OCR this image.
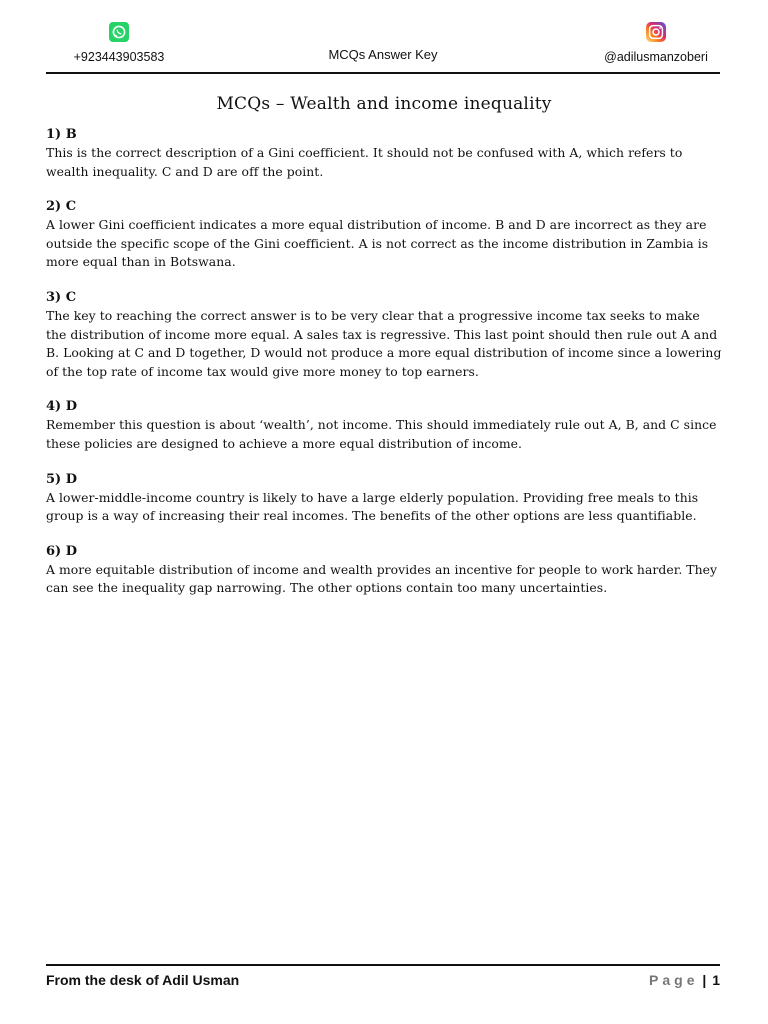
+923443903583	MCQs Answer Key	@adilusmanzoberi
MCQs – Wealth and income inequality
1) B

This is the correct description of a Gini coefficient. It should not be confused with A, which refers to wealth inequality. C and D are off the point.

2) C

A lower Gini coefficient indicates a more equal distribution of income. B and D are incorrect as they are outside the specific scope of the Gini coefficient. A is not correct as the income distribution in Zambia is more equal than in Botswana.

3) C

The key to reaching the correct answer is to be very clear that a progressive income tax seeks to make the distribution of income more equal. A sales tax is regressive. This last point should then rule out A and B. Looking at C and D together, D would not produce a more equal distribution of income since a lowering of the top rate of income tax would give more money to top earners.

4) D

Remember this question is about ‘wealth’, not income. This should immediately rule out A, B, and C since these policies are designed to achieve a more equal distribution of income.

5) D

A lower-middle-income country is likely to have a large elderly population. Providing free meals to this group is a way of increasing their real incomes. The benefits of the other options are less quantifiable.

6) D

A more equitable distribution of income and wealth provides an incentive for people to work harder. They can see the inequality gap narrowing. The other options contain too many uncertainties.

From the desk of Adil Usman	Page | 1
